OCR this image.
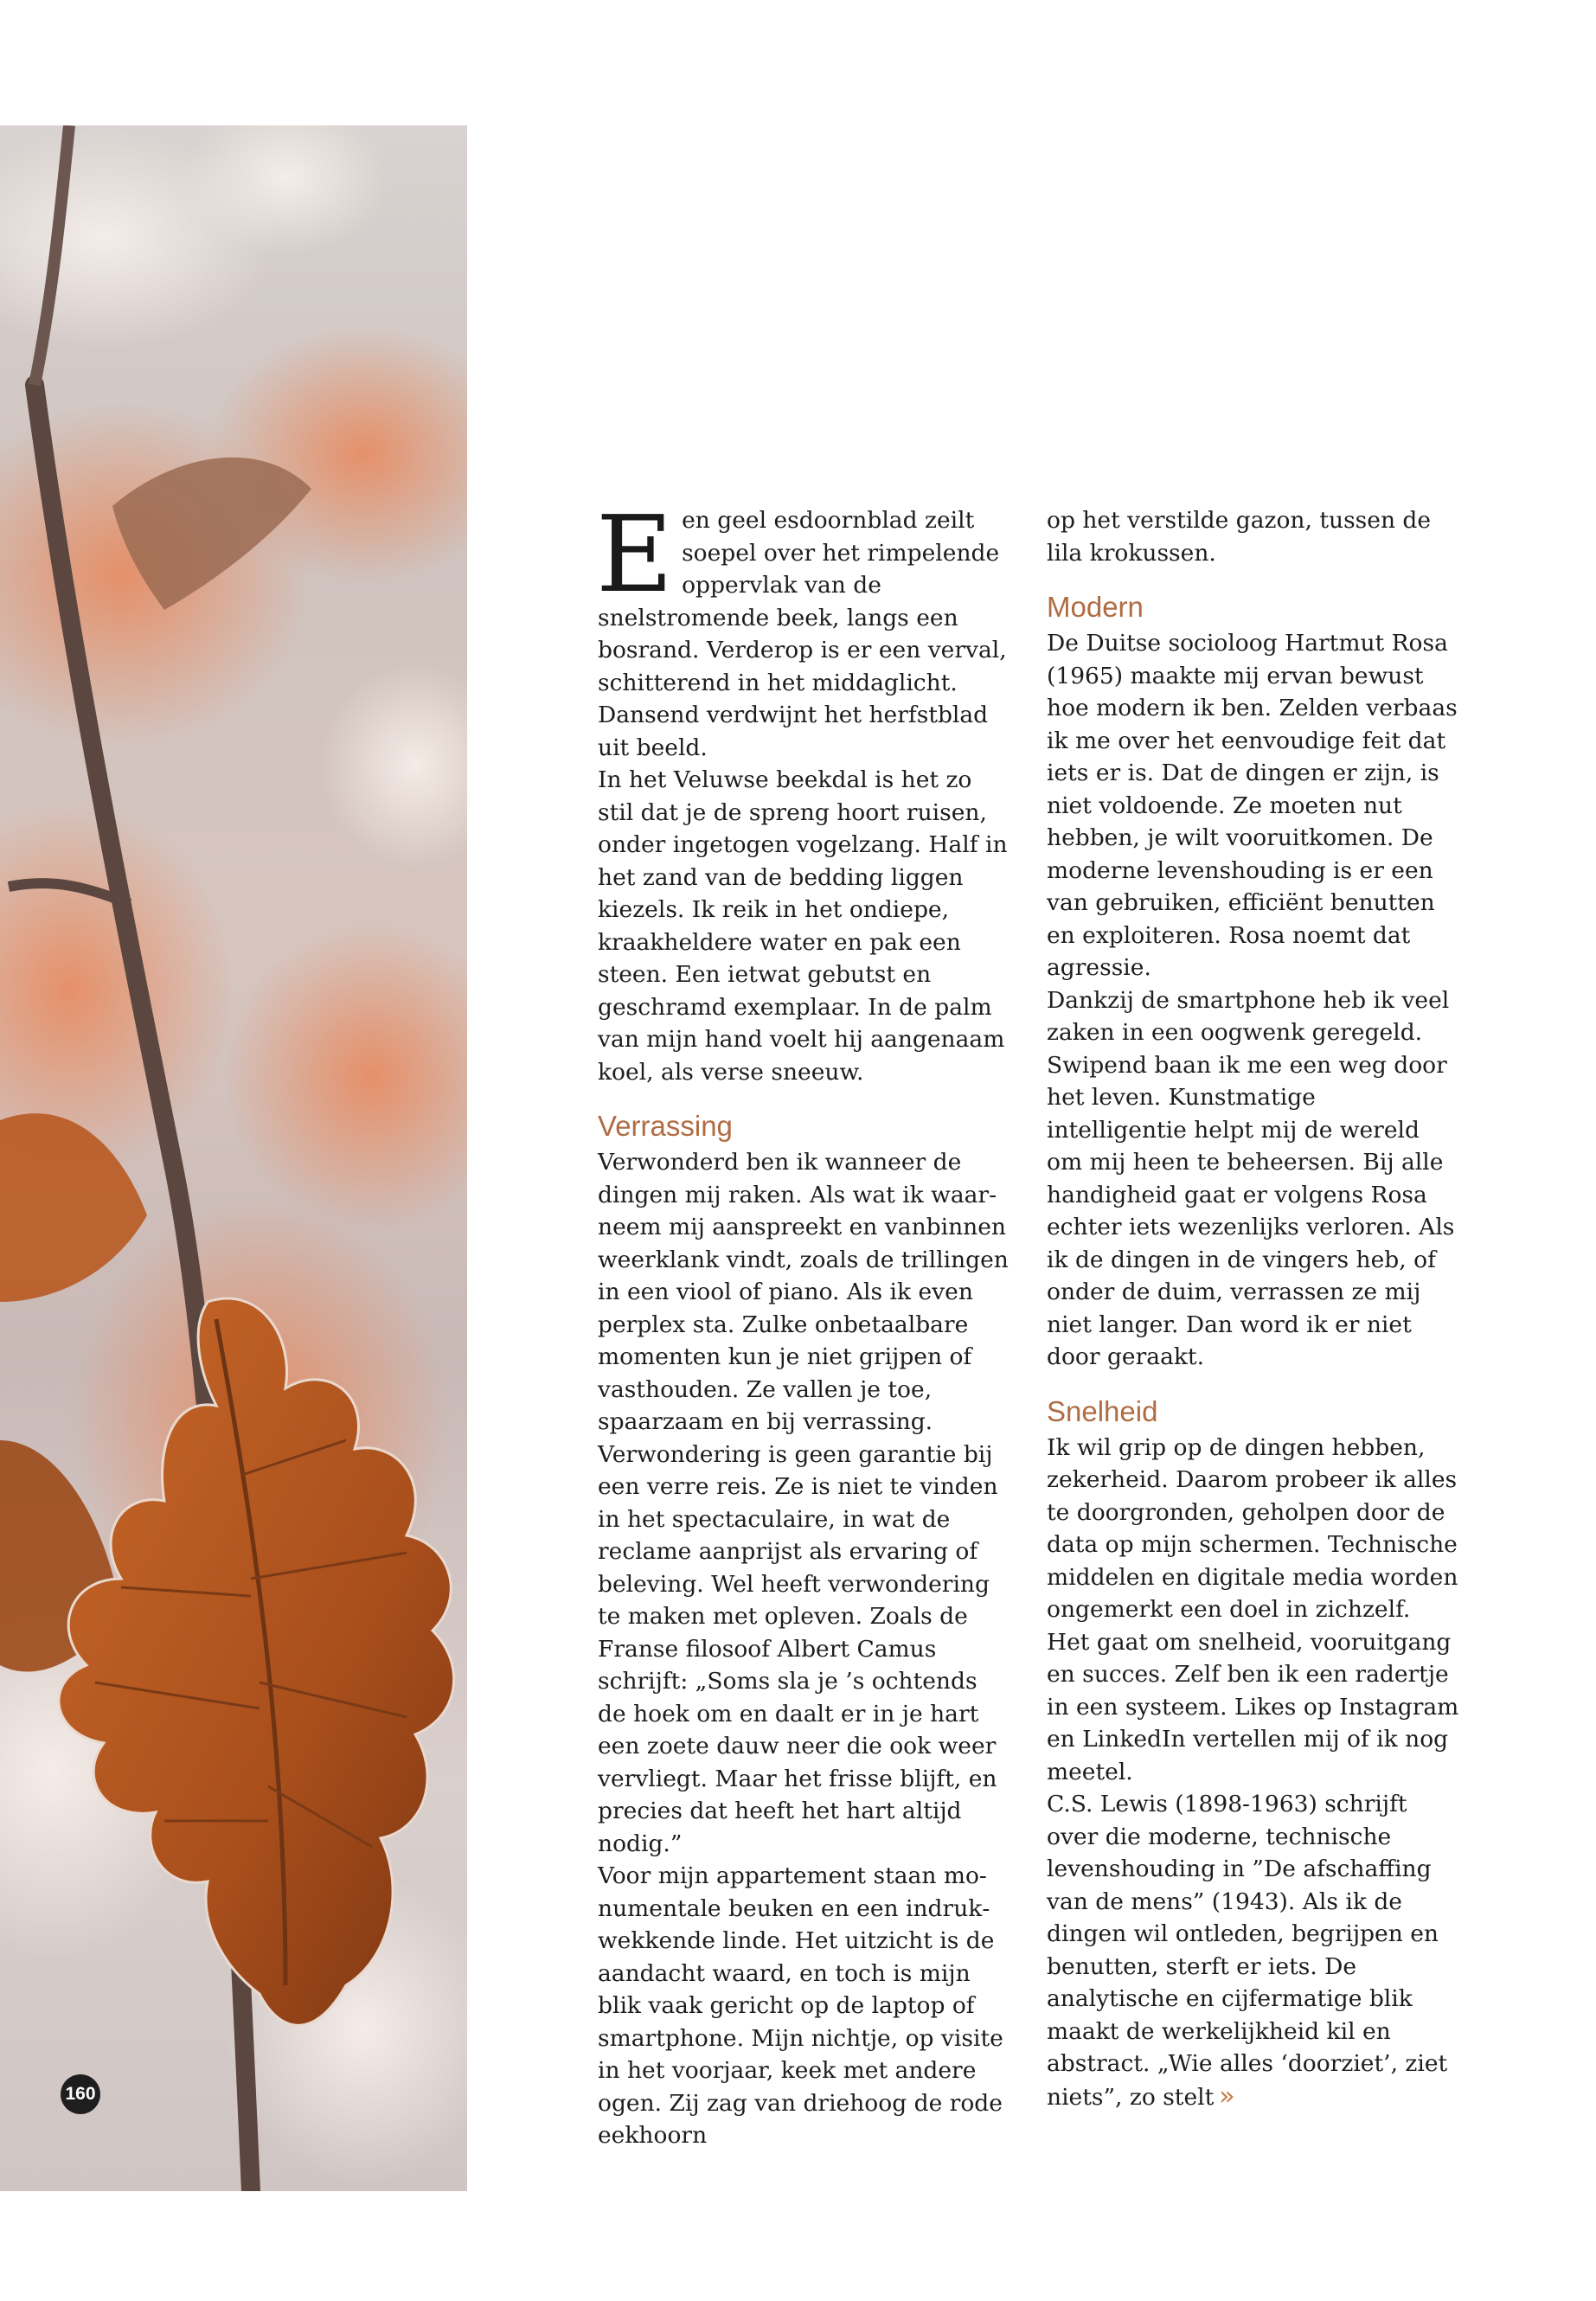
160

Een geel esdoornblad zeilt soepel over het rimpelende oppervlak van de snelstromende beek, langs een bosrand. Verderop is er een verval, schitterend in het middaglicht. Dansend verdwijnt het herfstblad uit beeld.

In het Veluwse beekdal is het zo stil dat je de spreng hoort ruisen, onder ingetogen vogelzang. Half in het zand van de bedding liggen kiezels. Ik reik in het ondiepe, kraakheldere water en pak een steen. Een ietwat gebutst en geschramd exemplaar. In de palm van mijn hand voelt hij aangenaam koel, als verse sneeuw.

Verrassing

Verwonderd ben ik wanneer de dingen mij raken. Als wat ik waarneem mij aanspreekt en vanbinnen weerklank vindt, zoals de trillingen in een viool of piano. Als ik even perplex sta. Zulke onbetaalbare momenten kun je niet grijpen of vasthouden. Ze vallen je toe, spaarzaam en bij verrassing.

Verwondering is geen garantie bij een verre reis. Ze is niet te vinden in het spectaculaire, in wat de reclame aanprijst als ervaring of beleving. Wel heeft verwondering te maken met opleven. Zoals de Franse filosoof Albert Camus schrijft: „Soms sla je ’s ochtends de hoek om en daalt er in je hart een zoete dauw neer die ook weer vervliegt. Maar het frisse blijft, en precies dat heeft het hart altijd nodig.”

Voor mijn appartement staan monumentale beuken en een indrukwekkende linde. Het uitzicht is de aandacht waard, en toch is mijn blik vaak gericht op de laptop of smartphone. Mijn nichtje, op visite in het voorjaar, keek met andere ogen. Zij zag van driehoog de rode eekhoorn

op het verstilde gazon, tussen de lila krokussen.

Modern

De Duitse socioloog Hartmut Rosa (1965) maakte mij ervan bewust hoe modern ik ben. Zelden verbaas ik me over het eenvoudige feit dat iets er is. Dat de dingen er zijn, is niet voldoende. Ze moeten nut hebben, je wilt vooruitkomen. De moderne levenshouding is er een van gebruiken, efficiënt benutten en exploiteren. Rosa noemt dat agressie.

Dankzij de smartphone heb ik veel zaken in een oogwenk geregeld. Swipend baan ik me een weg door het leven. Kunstmatige intelligentie helpt mij de wereld om mij heen te beheersen. Bij alle handigheid gaat er volgens Rosa echter iets wezenlijks verloren. Als ik de dingen in de vingers heb, of onder de duim, verrassen ze mij niet langer. Dan word ik er niet door geraakt.

Snelheid

Ik wil grip op de dingen hebben, zekerheid. Daarom probeer ik alles te doorgronden, geholpen door de data op mijn schermen. Technische middelen en digitale media worden ongemerkt een doel in zichzelf. Het gaat om snelheid, vooruitgang en succes. Zelf ben ik een radertje in een systeem. Likes op Instagram en LinkedIn vertellen mij of ik nog meetel.

C.S. Lewis (1898-1963) schrijft over die moderne, technische levenshouding in ”De afschaffing van de mens” (1943). Als ik de dingen wil ontleden, begrijpen en benutten, sterft er iets. De analytische en cijfermatige blik maakt de werkelijkheid kil en abstract. „Wie alles ‘doorziet’, ziet niets”, zo stelt »
